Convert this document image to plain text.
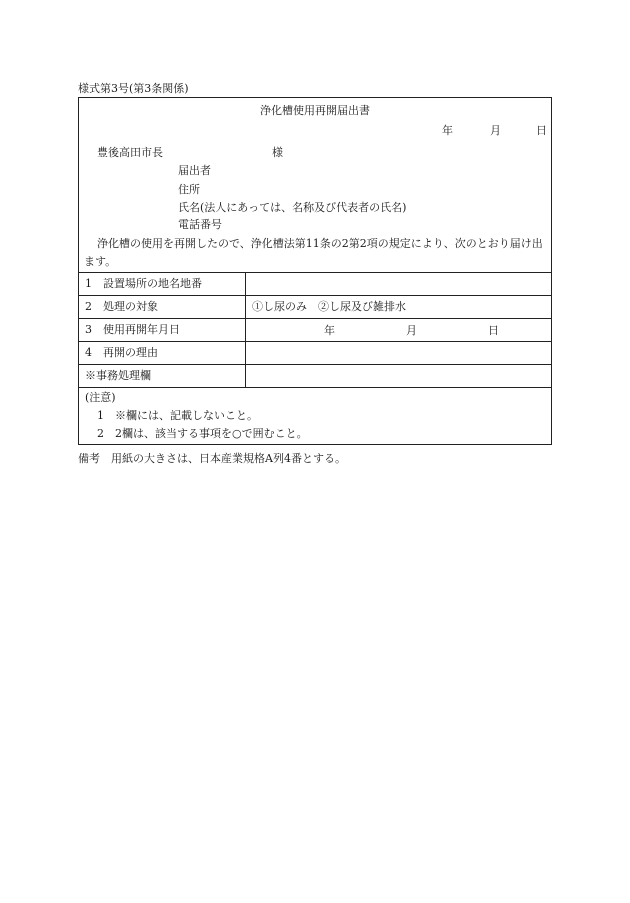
様式第3号(第3条関係)
浄化槽使用再開届出書
年	月	日
豊後高田市長	様
届出者
住所
氏名(法人にあっては、名称及び代表者の氏名)
電話番号
浄化槽の使用を再開したので、浄化槽法第11条の2第2項の規定により、次のとおり届け出ます。
1　設置場所の地名地番	
2　処理の対象	①し尿のみ　②し尿及び雑排水
3　使用再開年月日	年 月 日

4　再開の理由	
※事務処理欄	
(注意)
1　※欄には、記載しないこと。
2　2欄は、該当する事項を○で囲むこと。
備考　用紙の大きさは、日本産業規格A列4番とする。
